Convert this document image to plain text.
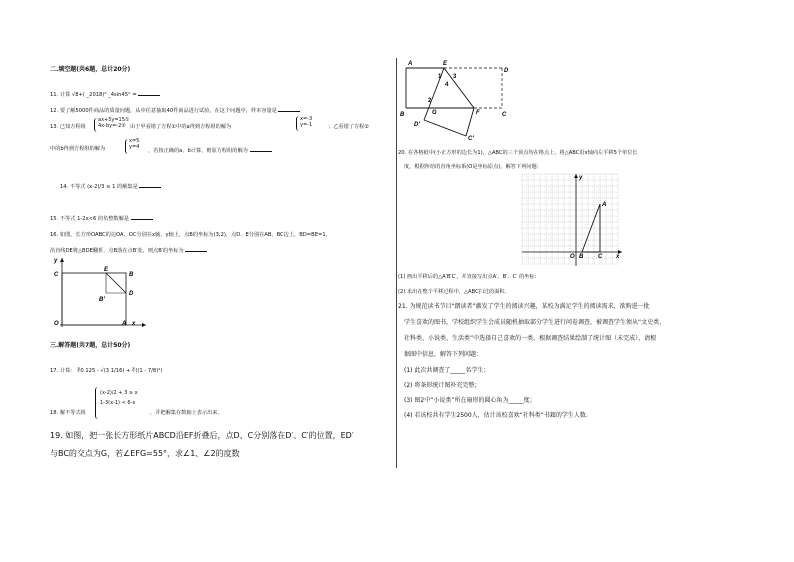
二.填空题(共6题，总计20分)
11. 计算 √8+( _2018)⁰ _4sin45° =
12. 要了解5000件商品的质量问题，从中任意抽取40件商品进行试验，在这个问题中，样本容量是
13. 已知方程组
ax+5y=15①
4x-by=-2② 由于甲看错了方程①中的a得到方程组的解为
x=-3
y=-1	；乙看错了方程②
中的b得到方程组的解为
x=5
y=4
，若按正确的a、b计算，则原方程组的解为
14. 不等式 (x-2)/3 ≤ 1 的解集是
15. 不等式 1-2x<6 的负整数解是
16. 如图，长方形OABC的边OA、OC分别在x轴、y轴上，点B的坐标为(3,2)，点D、E分别在AB、BC边上，BD=BE=1，
沿直线DE将△BDE翻折，点B落在点B′处，则点B′的坐标为
y
C
E
B
D
B′
O	A x
三.解答题(共7题，总计50分)
17. 计算： ∛0.125 - √(3 1/16) + ∛((1 - 7/8)²)
(x-2)/2 + 3 ≥ x
1-3(x-1) < 6-x
18. 解不等式组	，并把解集在数轴上表示出来。
19. 如图，把一张长方形纸片ABCD沿EF折叠后，点D、C分别落在D′、C′的位置，ED′
与BC的交点为G，若∠EFG=55°，求∠1、∠2的度数
A	E
D
1 3
4
2
G	F
B	C
D′
C′
20. 在各格纸中(小正方形的边长为1)，△ABC的三个顶点均在格点上，将△ABC沿x轴向左平移5个单位长
度，根据所给的直角坐标系(O是坐标原点)，解答下列问题：
y
A
O B C x
(1) 画出平移后的△A′B′C′，并直接写出点A′、B′、C′ 的坐标：
(2) 求出在整个平移过程中，△ABC扫过的面积.
21. 为规范读书节目“朗读者”激发了学生的阅读兴趣，某校为满足学生的阅读需求，欲购进一批
学生喜欢的图书，学校组织学生会成员随机抽取部分学生进行问卷调查，被调查学生须从“文史类、
社科类、小说类、生活类”中选择自己喜欢的一类，根据调查结果绘制了统计图（未完成），请根
据图中信息，解答下列问题：
(1) 此次共调查了_____名学生；
(2) 将条形统计图补充完整；
(3) 图2中“小说类”所在扇形的圆心角为_____度；
(4) 若该校共有学生2500人，估计该校喜欢“社科类”书籍的学生人数.
